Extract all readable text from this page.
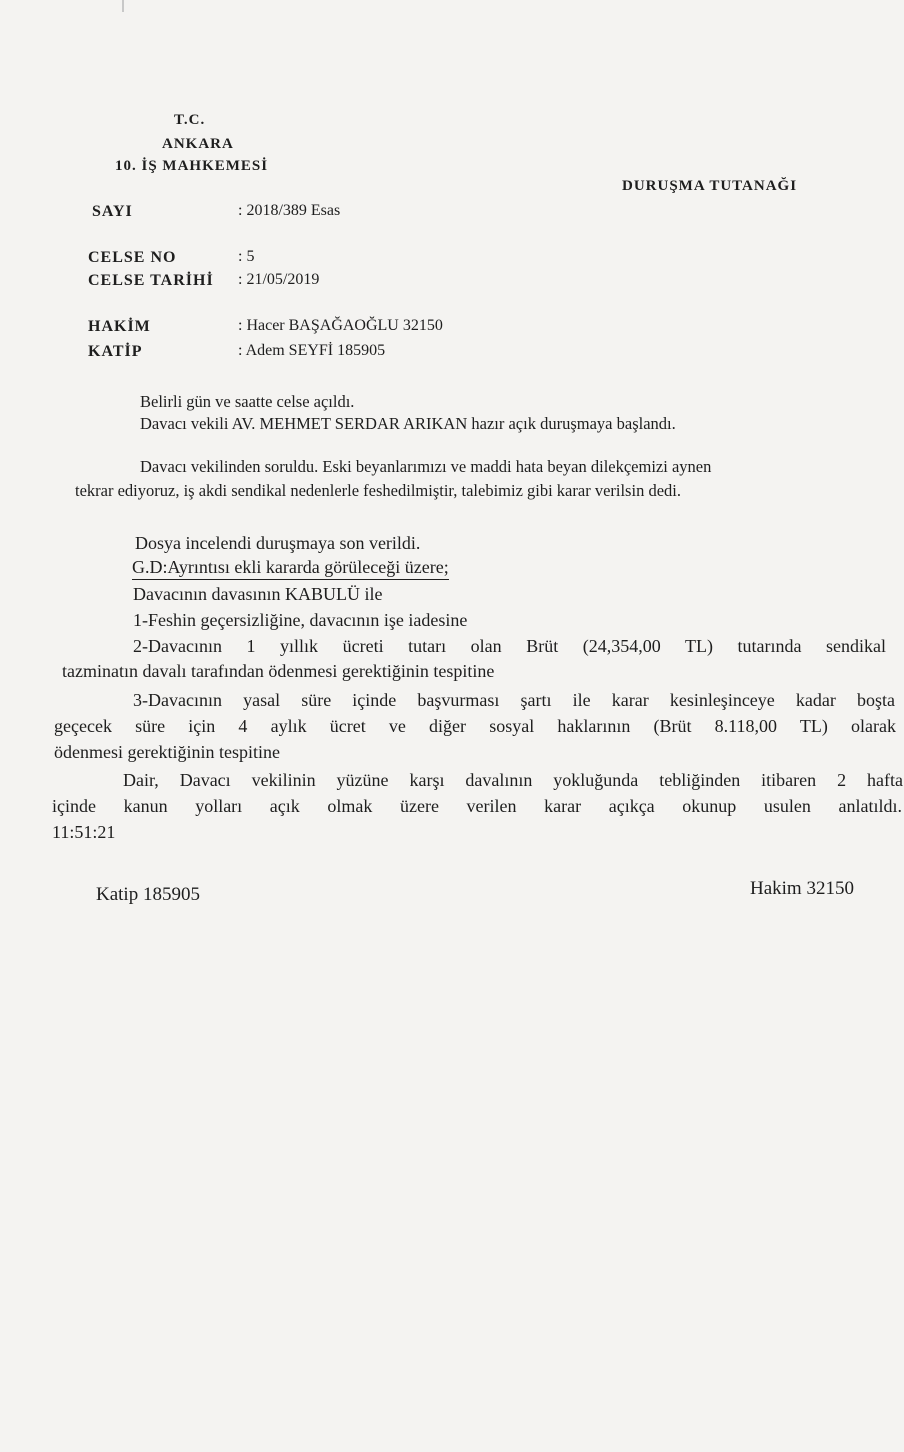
T.C.
ANKARA
10. İŞ MAHKEMESİ
DURUŞMA TUTANAĞI
SAYI	: 2018/389 Esas
CELSE NO	: 5
CELSE TARİHİ : 21/05/2019
HAKİM	: Hacer BAŞAĞAOĞLU 32150
KATİP	: Adem SEYFİ 185905
Belirli gün ve saatte celse açıldı.
Davacı vekili AV. MEHMET SERDAR ARIKAN hazır açık duruşmaya başlandı.
Davacı vekilinden soruldu. Eski beyanlarımızı ve maddi hata beyan dilekçemizi aynen
tekrar ediyoruz, iş akdi sendikal nedenlerle feshedilmiştir, talebimiz gibi karar verilsin dedi.
Dosya incelendi duruşmaya son verildi.
G.D:Ayrıntısı ekli kararda görüleceği üzere;
Davacının davasının KABULÜ ile
1-Feshin geçersizliğine, davacının işe iadesine
2-Davacının 1 yıllık ücreti tutarı olan Brüt (24,354,00 TL) tutarında sendikal
tazminatın davalı tarafından ödenmesi gerektiğinin tespitine
3-Davacının yasal süre içinde başvurması şartı ile karar kesinleşinceye kadar boşta
geçecek süre için 4 aylık ücret ve diğer sosyal haklarının (Brüt 8.118,00 TL) olarak
ödenmesi gerektiğinin tespitine
Dair, Davacı vekilinin yüzüne karşı davalının yokluğunda tebliğinden itibaren 2 hafta
içinde kanun yolları açık olmak üzere verilen karar açıkça okunup usulen anlatıldı.
11:51:21
Katip 185905	Hakim 32150
